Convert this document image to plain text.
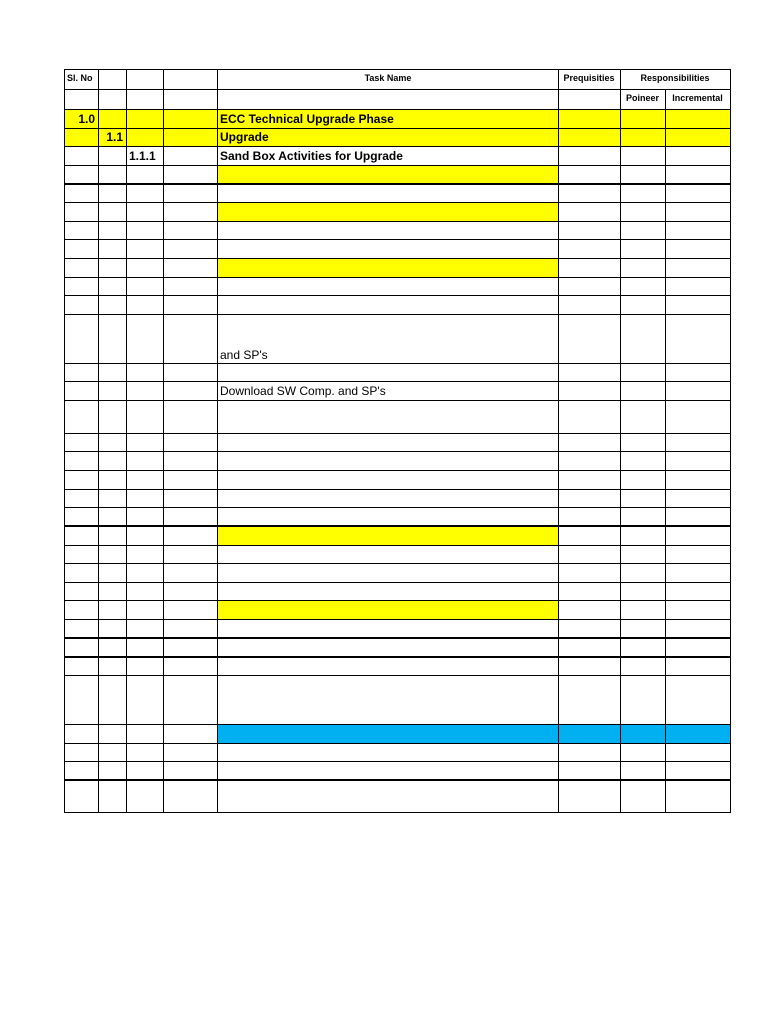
Sl. No	Task Name	Prequisities	Responsibilities
Poineer	Incremental
1.0	ECC Technical Upgrade Phase
1.1	Upgrade
1.1.1	Sand Box Activities for Upgrade
and SP's
Download SW Comp. and SP's
